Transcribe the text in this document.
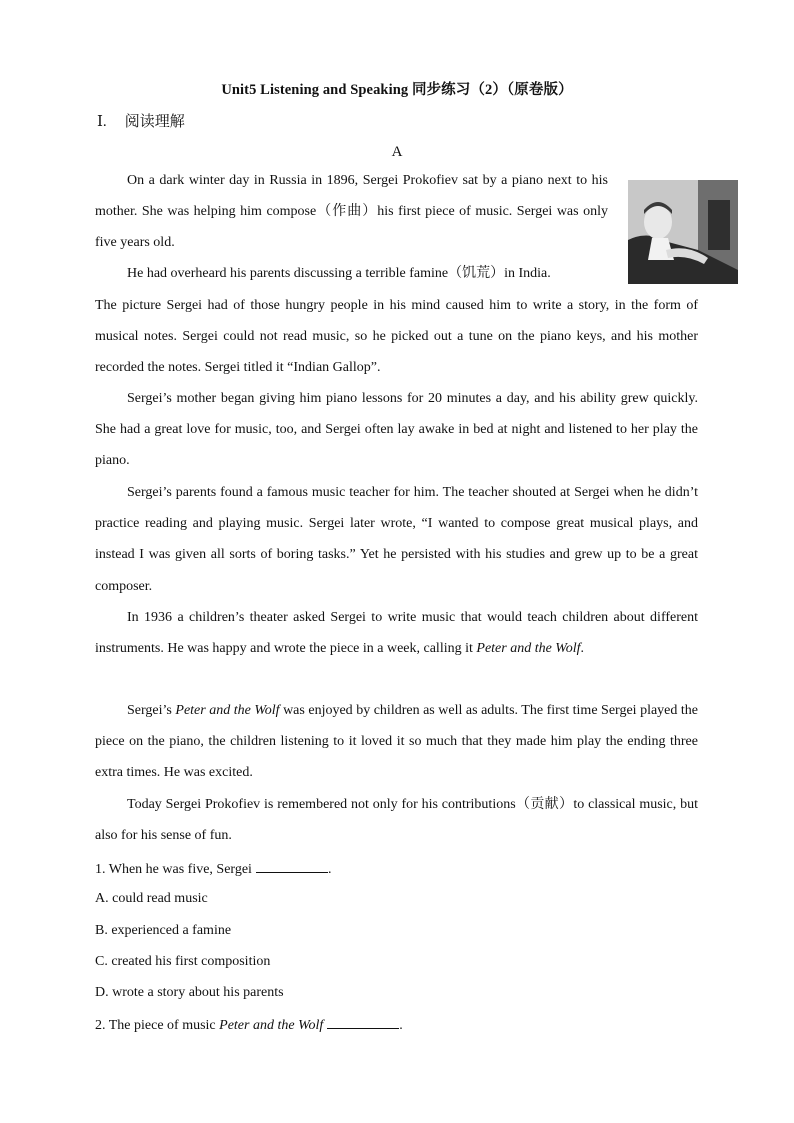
Unit5 Listening and Speaking 同步练习（2）（原卷版）
Ⅰ. 阅读理解
A
On a dark winter day in Russia in 1896, Sergei Prokofiev sat by a piano next to his mother. She was helping him compose（作曲）his first piece of music. Sergei was only five years old.
He had overheard his parents discussing a terrible famine（饥荒）in India.
The picture Sergei had of those hungry people in his mind caused him to write a story, in the form of musical notes. Sergei could not read music, so he picked out a tune on the piano keys, and his mother recorded the notes. Sergei titled it “Indian Gallop”.
Sergei’s mother began giving him piano lessons for 20 minutes a day, and his ability grew quickly. She had a great love for music, too, and Sergei often lay awake in bed at night and listened to her play the piano.
Sergei’s parents found a famous music teacher for him. The teacher shouted at Sergei when he didn’t practice reading and playing music. Sergei later wrote, “I wanted to compose great musical plays, and instead I was given all sorts of boring tasks.” Yet he persisted with his studies and grew up to be a great composer.
In 1936 a children’s theater asked Sergei to write music that would teach children about different instruments. He was happy and wrote the piece in a week, calling it Peter and the Wolf.
Sergei’s Peter and the Wolf was enjoyed by children as well as adults. The first time Sergei played the piece on the piano, the children listening to it loved it so much that they made him play the ending three extra times. He was excited.
Today Sergei Prokofiev is remembered not only for his contributions（贡献）to classical music, but also for his sense of fun.
1. When he was five, Sergei	.
A. could read music
B. experienced a famine
C. created his first composition
D. wrote a story about his parents
2. The piece of music Peter and the Wolf	.
